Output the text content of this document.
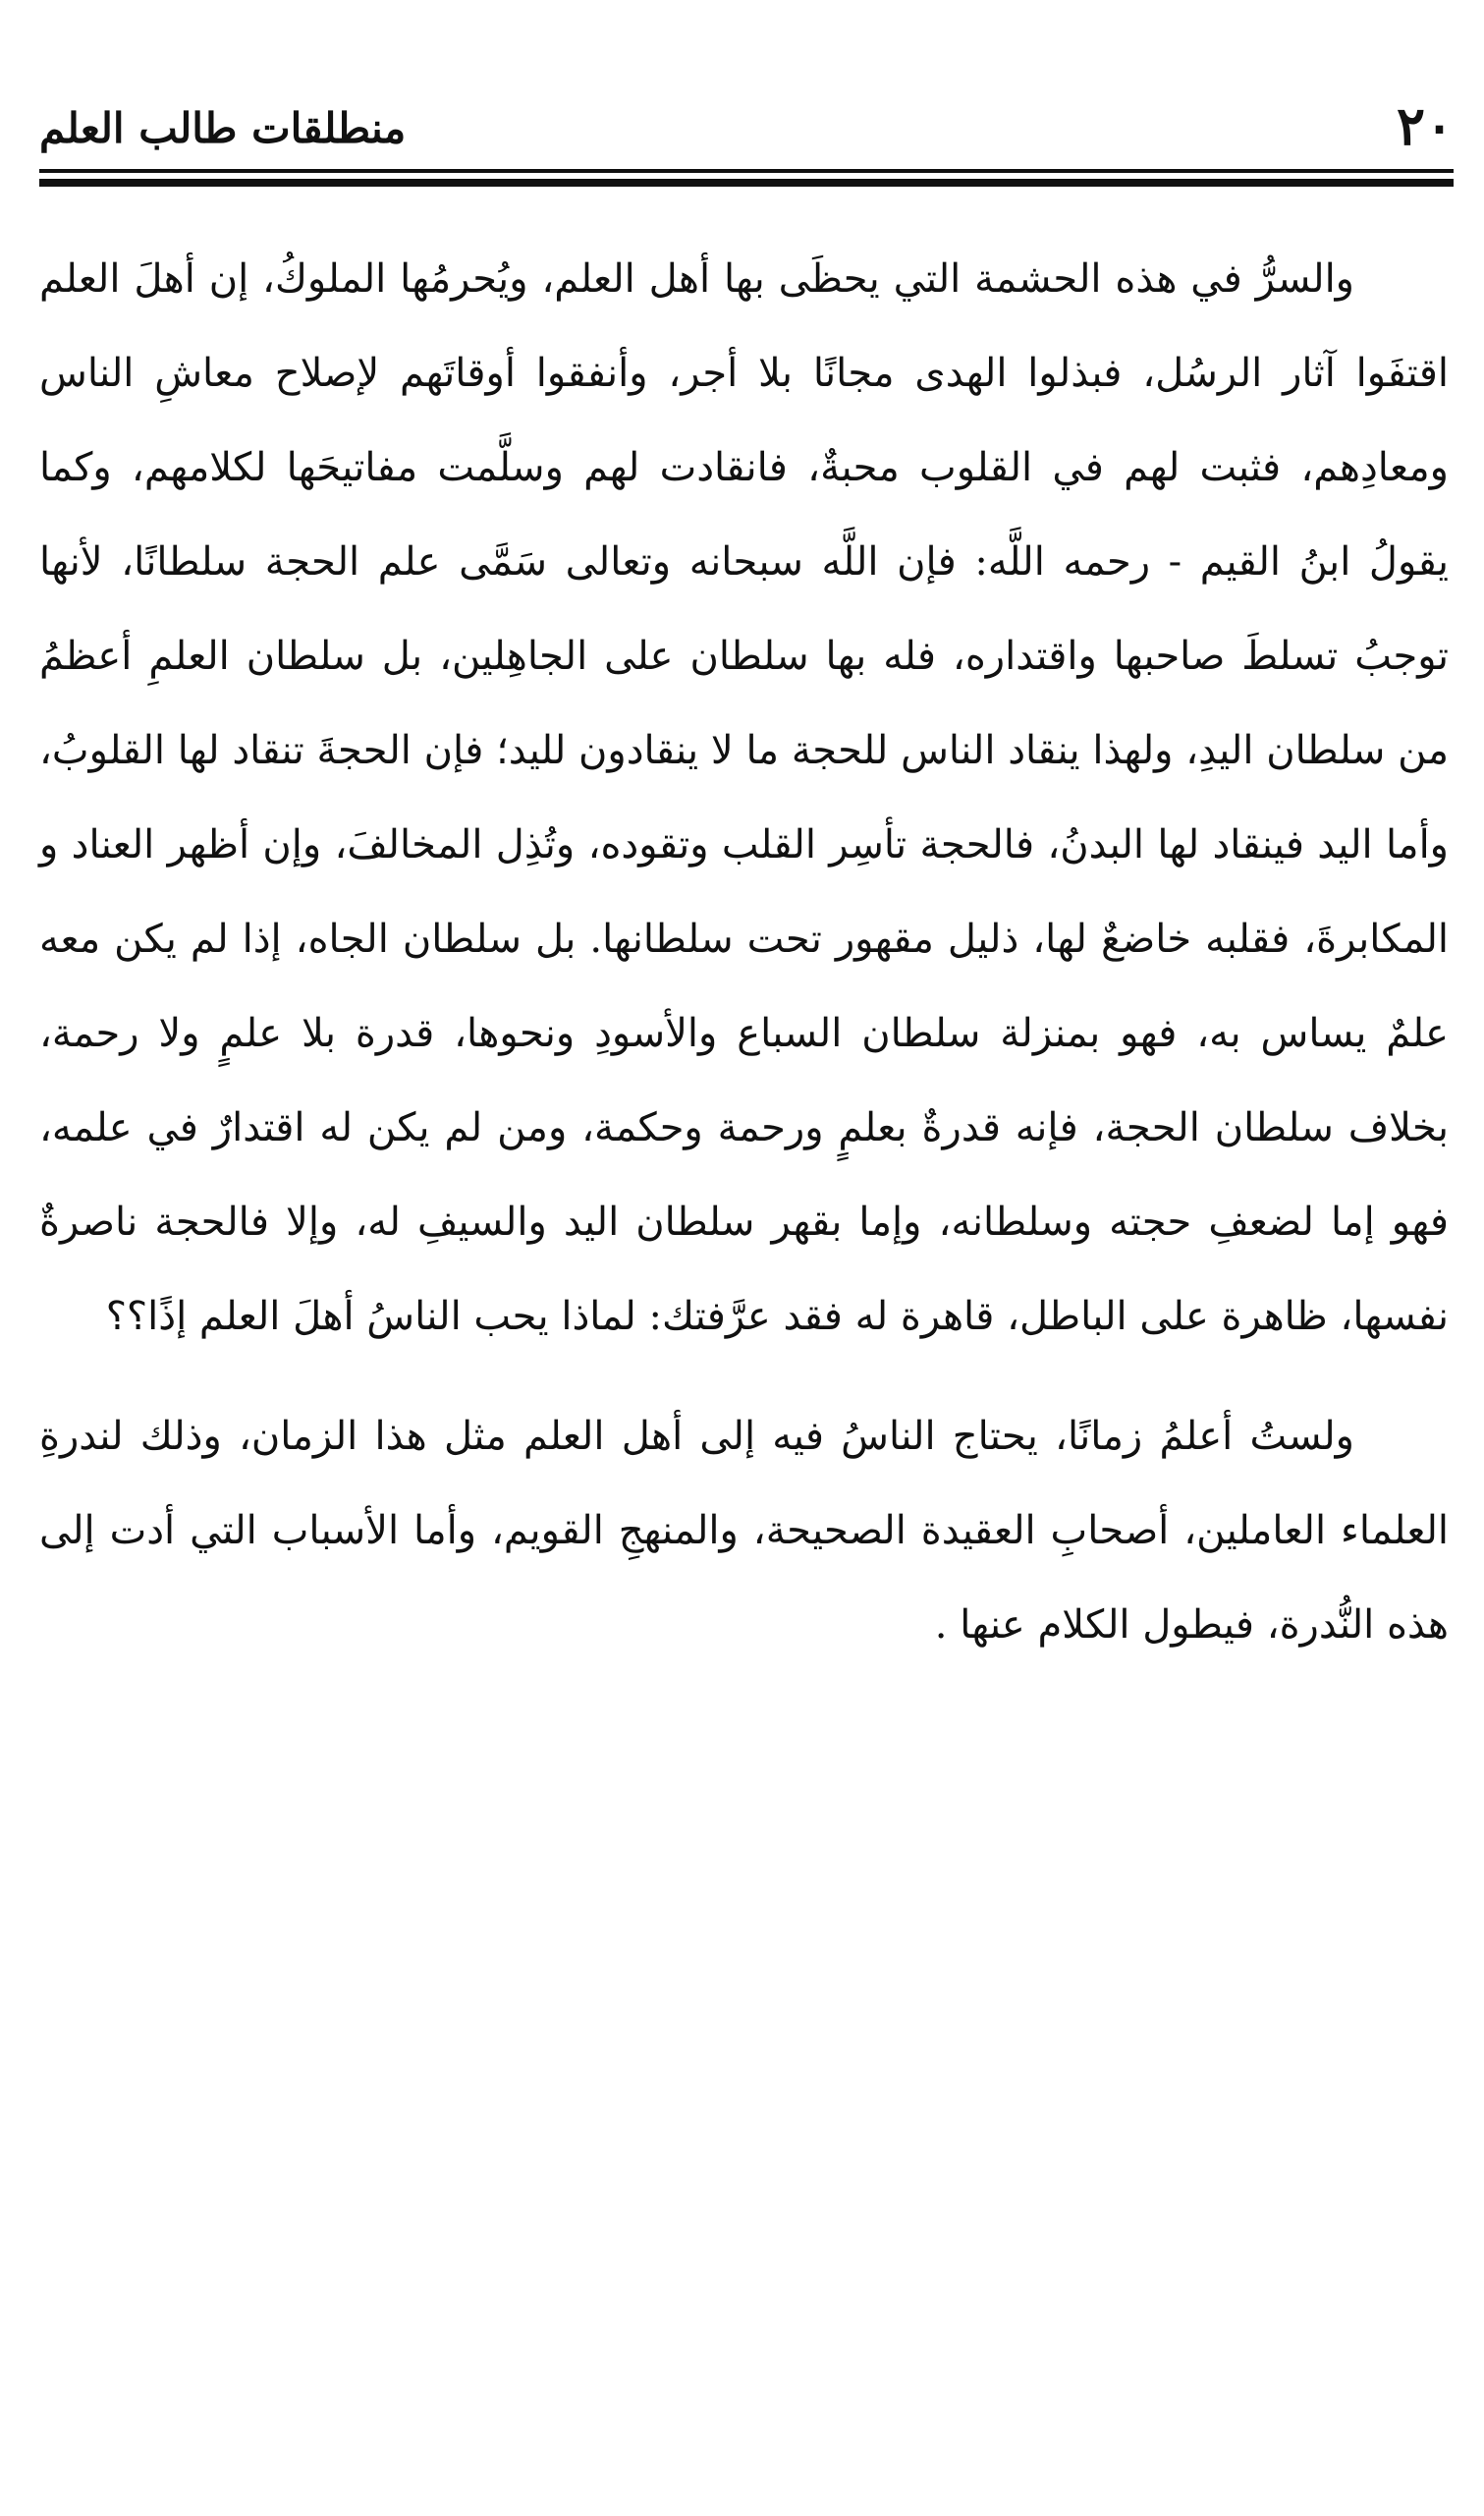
٢٠
منطلقات طالب العلم

والسرُّ في هذه الحشمة التي يحظَى بها أهل العلم، ويُحرمُها الملوكُ، إن أهلَ العلم اقتفَوا آثار الرسُل، فبذلوا الهدى مجانًا بلا أجر، وأنفقوا أوقاتَهم لإصلاح معاشِ الناس ومعادِهم، فثبت لهم في القلوب محبةٌ، فانقادت لهم وسلَّمت مفاتيحَها لكلامهم، وكما يقولُ ابنُ القيم - رحمه اللَّه: فإن اللَّه سبحانه وتعالى سَمَّى علم الحجة سلطانًا، لأنها توجبُ تسلطَ صاحبها واقتداره، فله بها سلطان على الجاهِلين، بل سلطان العلمِ أعظمُ من سلطان اليدِ، ولهذا ينقاد الناس للحجة ما لا ينقادون لليد؛ فإن الحجةَ تنقاد لها القلوبُ، وأما اليد فينقاد لها البدنُ، فالحجة تأسِر القلب وتقوده، وتُذِل المخالفَ، وإن أظهر العناد و المكابرةَ، فقلبه خاضعٌ لها، ذليل مقهور تحت سلطانها. بل سلطان الجاه، إذا لم يكن معه علمٌ يساس به، فهو بمنزلة سلطان السباع والأسودِ ونحوها، قدرة بلا علمٍ ولا رحمة، بخلاف سلطان الحجة، فإنه قدرةٌ بعلمٍ ورحمة وحكمة، ومن لم يكن له اقتدارٌ في علمه، فهو إما لضعفِ حجته وسلطانه، وإما بقهر سلطان اليد والسيفِ له، وإلا فالحجة ناصرةٌ نفسها، ظاهرة على الباطل، قاهرة له فقد عرَّفتك: لماذا يحب الناسُ أهلَ العلم إذًا؟؟

ولستُ أعلمُ زمانًا، يحتاج الناسُ فيه إلى أهل العلم مثل هذا الزمان، وذلك لندرةِ العلماء العاملين، أصحابِ العقيدة الصحيحة، والمنهجِ القويم، وأما الأسباب التي أدت إلى هذه النُّدرة، فيطول الكلام عنها .
